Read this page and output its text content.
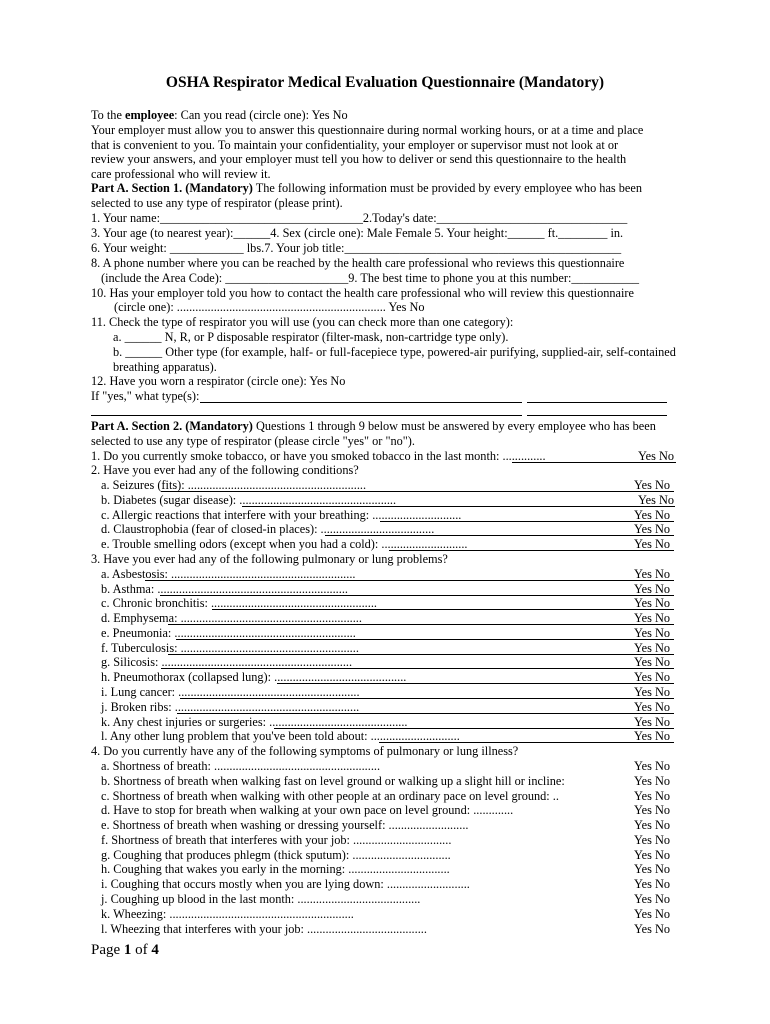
OSHA Respirator Medical Evaluation Questionnaire (Mandatory)
To the employee: Can you read (circle one): Yes No
Your employer must allow you to answer this questionnaire during normal working hours, or at a time and place
that is convenient to you. To maintain your confidentiality, your employer or supervisor must not look at or
review your answers, and your employer must tell you how to deliver or send this questionnaire to the health
care professional who will review it.
Part A. Section 1. (Mandatory) The following information must be provided by every employee who has been
selected to use any type of respirator (please print).
1. Your name:_________________________________2.Today's date:_______________________________
3. Your age (to nearest year):______4. Sex (circle one): Male Female 5. Your height:______ ft.________ in.
6. Your weight: ____________ lbs.7. Your job title:_____________________________________________
8. A phone number where you can be reached by the health care professional who reviews this questionnaire
(include the Area Code): ____________________9. The best time to phone you at this number:___________
10. Has your employer told you how to contact the health care professional who will review this questionnaire
(circle one): .................................................................... Yes No
11. Check the type of respirator you will use (you can check more than one category):
a. ______ N, R, or P disposable respirator (filter-mask, non-cartridge type only).
b. ______ Other type (for example, half- or full-facepiece type, powered-air purifying, supplied-air, self-contained
breathing apparatus).
12. Have you worn a respirator (circle one): Yes No
If "yes," what type(s):
Part A. Section 2. (Mandatory) Questions 1 through 9 below must be answered by every employee who has been
selected to use any type of respirator (please circle "yes" or "no").
1. Do you currently smoke tobacco, or have you smoked tobacco in the last month: ..............	Yes No
2. Have you ever had any of the following conditions?
a. Seizures (fits): ..........................................................	Yes No
b. Diabetes (sugar disease): ...................................................	Yes No
c. Allergic reactions that interfere with your breathing: .............................	Yes No
d. Claustrophobia (fear of closed-in places): .....................................	Yes No
e. Trouble smelling odors (except when you had a cold): ............................	Yes No
3. Have you ever had any of the following pulmonary or lung problems?
a. Asbestosis: ............................................................	Yes No
b. Asthma: ..............................................................	Yes No
c. Chronic bronchitis: ......................................................	Yes No
d. Emphysema: ...........................................................	Yes No
e. Pneumonia: ...........................................................	Yes No
f. Tuberculosis: ..........................................................	Yes No
g. Silicosis: ..............................................................	Yes No
h. Pneumothorax (collapsed lung): ...........................................	Yes No
i. Lung cancer: ...........................................................	Yes No
j. Broken ribs: ............................................................	Yes No
k. Any chest injuries or surgeries: .............................................	Yes No
l. Any other lung problem that you've been told about: .............................	Yes No
4. Do you currently have any of the following symptoms of pulmonary or lung illness?
a. Shortness of breath: ......................................................	Yes No
b. Shortness of breath when walking fast on level ground or walking up a slight hill or incline:	Yes No
c. Shortness of breath when walking with other people at an ordinary pace on level ground: ..	Yes No
d. Have to stop for breath when walking at your own pace on level ground: .............	Yes No
e. Shortness of breath when washing or dressing yourself: ..........................	Yes No
f. Shortness of breath that interferes with your job: ................................	Yes No
g. Coughing that produces phlegm (thick sputum): ................................	Yes No
h. Coughing that wakes you early in the morning: .................................	Yes No
i. Coughing that occurs mostly when you are lying down: ...........................	Yes No
j. Coughing up blood in the last month: ........................................	Yes No
k. Wheezing: ............................................................	Yes No
l. Wheezing that interferes with your job: .......................................	Yes No
Page 1 of 4
